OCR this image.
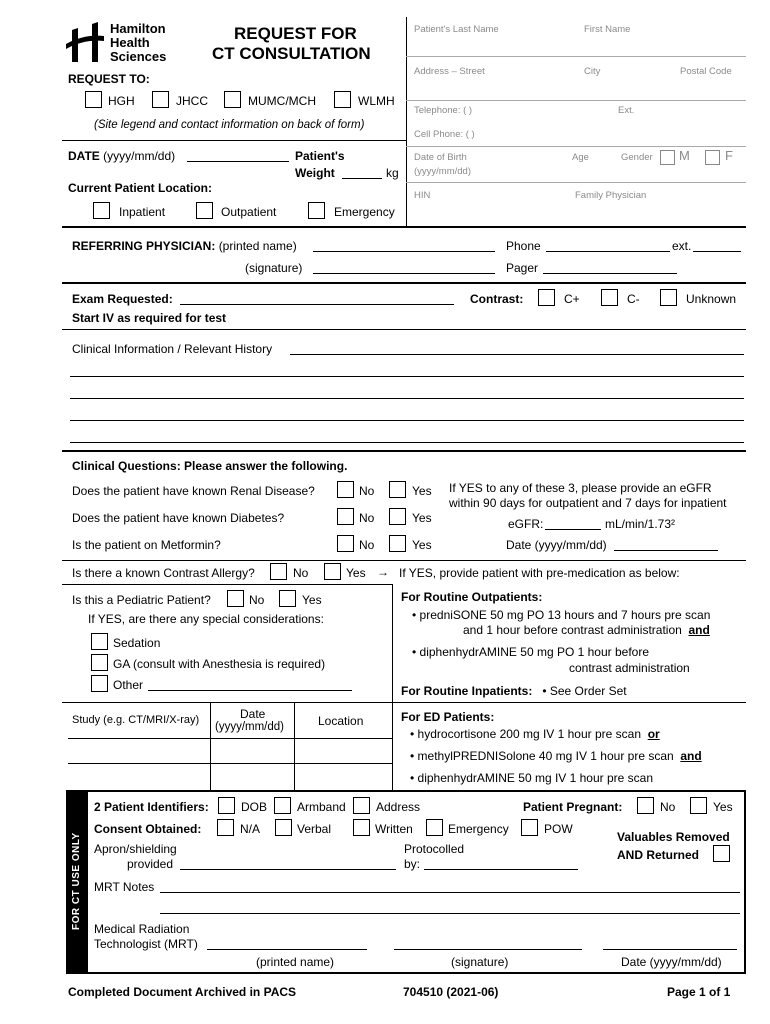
Hamilton
Health
Sciences
REQUEST FOR
CT CONSULTATION
REQUEST TO:
HGH	JHCC	MUMC/MCH	WLMH
(Site legend and contact information on back of form)
Patient's Last Name	First Name
Address – Street	City	Postal Code
Telephone: ( )	Ext.
Cell Phone: ( )
Date of Birth
(yyyy/mm/dd)
Age	Gender M	F
HIN	Family Physician
DATE (yyyy/mm/dd)	Patient's
Weight	kg
Current Patient Location:
Inpatient	Outpatient	Emergency
REFERRING PHYSICIAN: (printed name)	Phone	ext.
(signature)	Pager
Exam Requested:	Contrast:	C+	C-	Unknown
Start IV as required for test
Clinical Information / Relevant History
Clinical Questions: Please answer the following.
Does the patient have known Renal Disease?	No	Yes
Does the patient have known Diabetes?	No	Yes
Is the patient on Metformin?	No	Yes
If YES to any of these 3, please provide an eGFR
within 90 days for outpatient and 7 days for inpatient
eGFR:	mL/min/1.73²
Date (yyyy/mm/dd)
Is there a known Contrast Allergy?	No	Yes → If YES, provide patient with pre-medication as below:
Is this a Pediatric Patient?	No	Yes
If YES, are there any special considerations:
Sedation
GA (consult with Anesthesia is required)
Other
Study (e.g. CT/MRI/X-ray)	Date
(yyyy/mm/dd)	Location
For Routine Outpatients:
• predniSONE 50 mg PO 13 hours and 7 hours pre scan
and 1 hour before contrast administration and
• diphenhydrAMINE 50 mg PO 1 hour before
contrast administration
For Routine Inpatients:   • See Order Set
For ED Patients:
• hydrocortisone 200 mg IV 1 hour pre scan or
• methylPREDNISolone 40 mg IV 1 hour pre scan and
• diphenhydrAMINE 50 mg IV 1 hour pre scan
FOR CT USE ONLY
2 Patient Identifiers:	DOB Armband	Address	Patient Pregnant:	No	Yes
Consent Obtained:	N/A	Verbal	Written	Emergency	POW
Apron/shielding
provided
Protocolled
by:
Valuables Removed
AND Returned
MRT Notes
Medical Radiation
Technologist (MRT)
(printed name)	(signature)	Date (yyyy/mm/dd)
Completed Document Archived in PACS	704510 (2021-06)	Page 1 of 1
